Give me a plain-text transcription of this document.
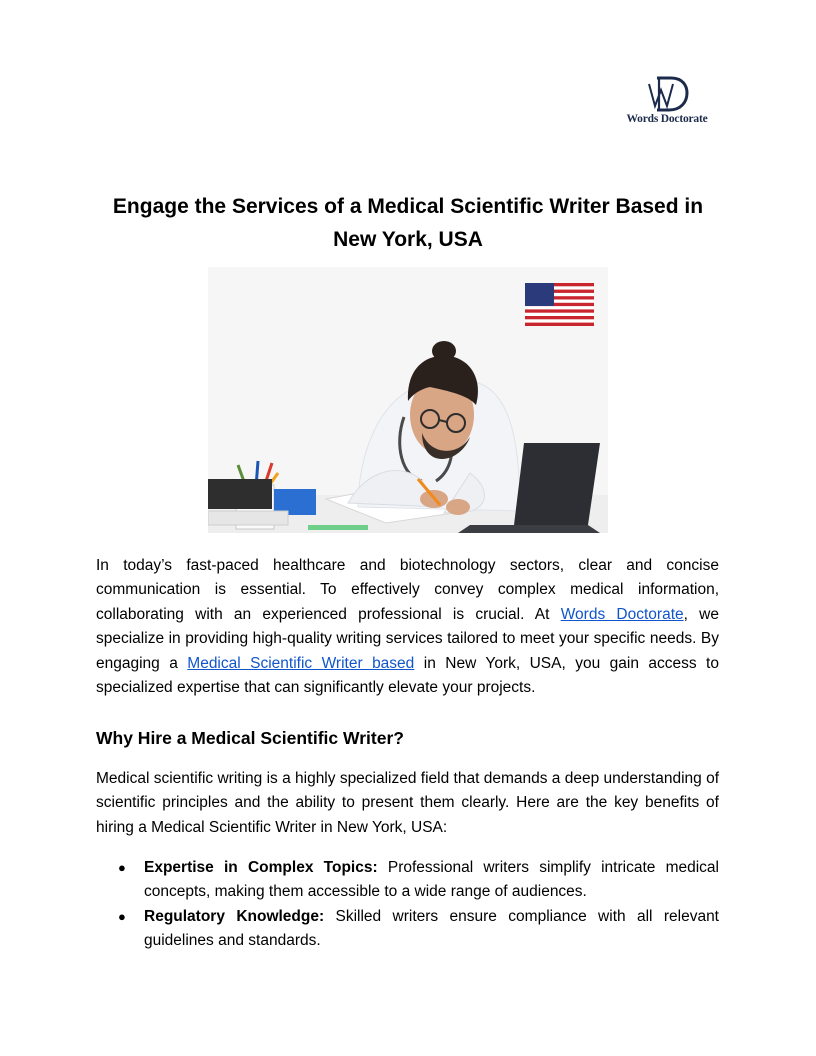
Words Doctorate
Engage the Services of a Medical Scientific Writer Based in New York, USA

In today’s fast-paced healthcare and biotechnology sectors, clear and concise communication is essential. To effectively convey complex medical information, collaborating with an experienced professional is crucial. At Words Doctorate, we specialize in providing high-quality writing services tailored to meet your specific needs. By engaging a Medical Scientific Writer based in New York, USA, you gain access to specialized expertise that can significantly elevate your projects.

Why Hire a Medical Scientific Writer?

Medical scientific writing is a highly specialized field that demands a deep understanding of scientific principles and the ability to present them clearly. Here are the key benefits of hiring a Medical Scientific Writer in New York, USA:

● Expertise in Complex Topics: Professional writers simplify intricate medical concepts, making them accessible to a wide range of audiences.
● Regulatory Knowledge: Skilled writers ensure compliance with all relevant guidelines and standards.
